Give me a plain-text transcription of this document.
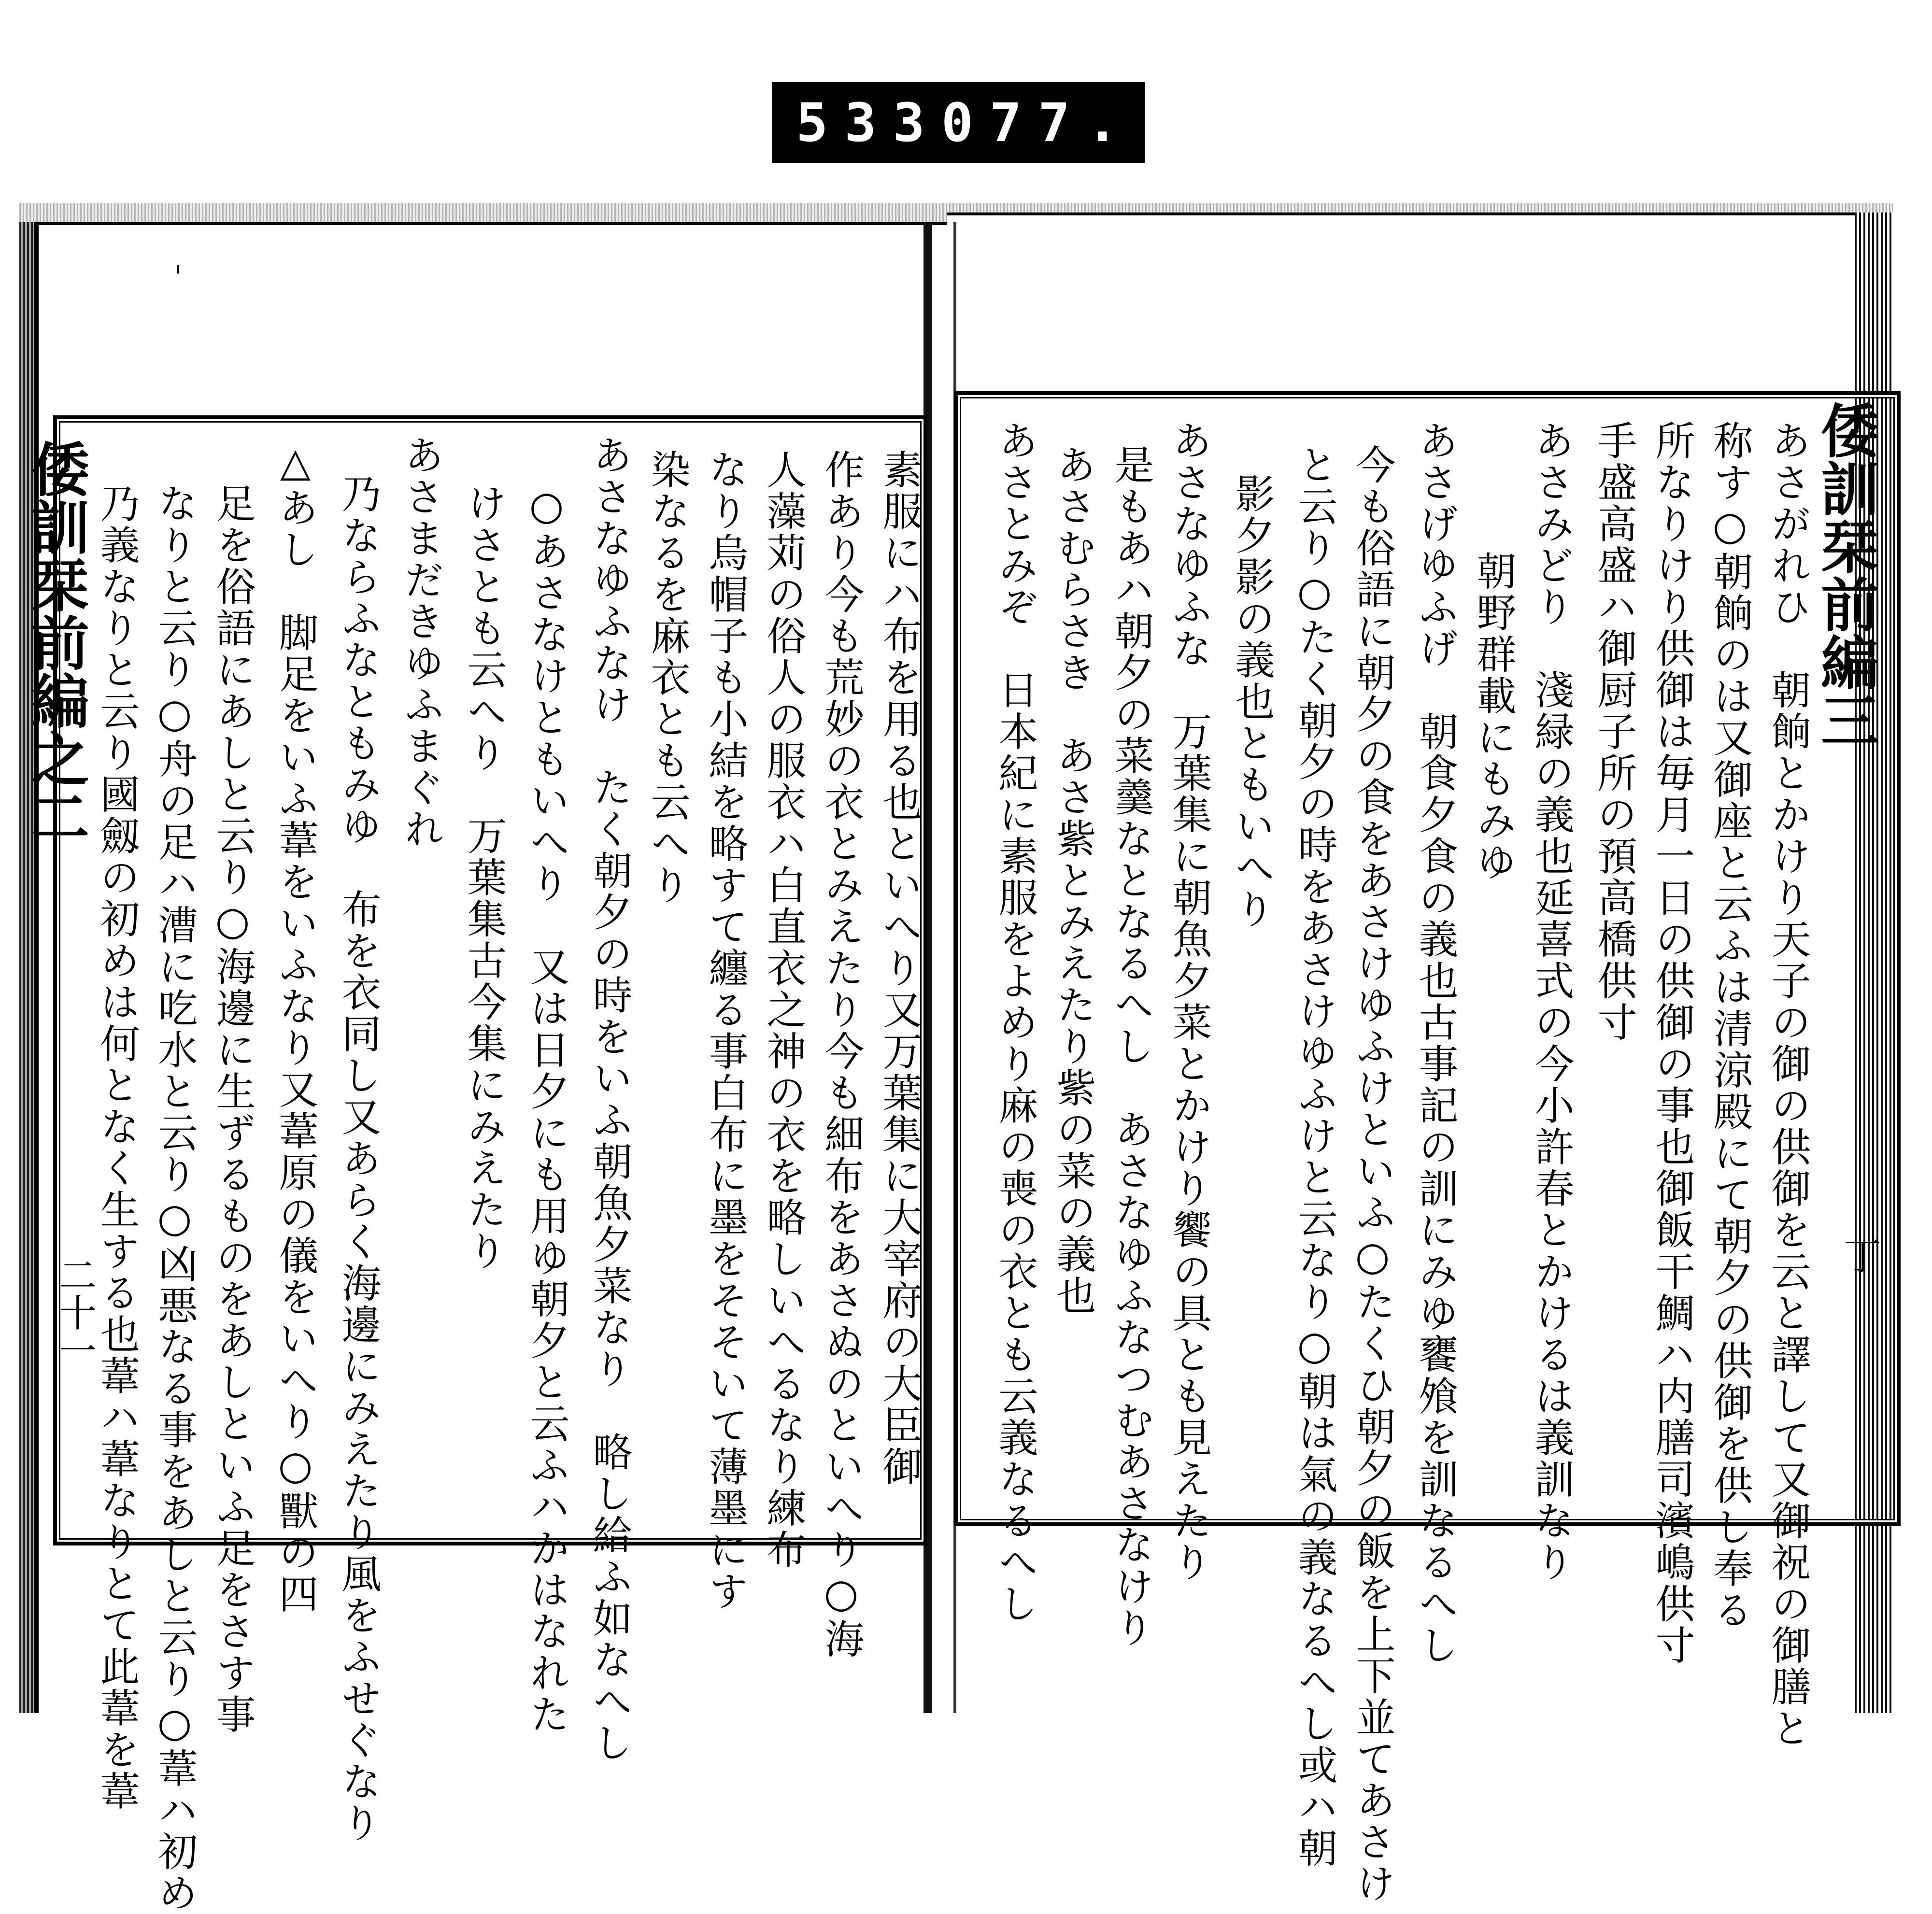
533 077.
倭訓栞前編之二
二十一	素服にハ布を用る也といへり又万葉集に大宰府の大臣御
作あり今も荒妙の衣とみえたり今も細布をあさぬのといへり○海
人藻苅の俗人の服衣ハ白直衣之神の衣を略しいへるなり練布
なり烏帽子も小結を略すて纏る事白布に墨をそそいて薄墨にす
染なるを麻衣とも云へり
あさなゆふなけ　たく朝夕の時をいふ朝魚夕菜なり　略し給ふ如なへし
○あさなけともいへり　又は日夕にも用ゆ朝夕と云ふハかはなれた
けさとも云へり　万葉集古今集にみえたり
あさまだきゆふまぐれ
乃ならふなともみゆ　布を衣同し又あらく海邊にみえたり風をふせぐなり
△あし　脚足をいふ葦をいふなり又葦原の儀をいへり○獸の四
足を俗語にあしと云り○海邊に生ずるものをあしといふ足をさす事
なりと云り○舟の足ハ漕に吃水と云り○凶悪なる事をあしと云り○葦ハ初め
乃義なりと云り國劔の初めは何となく生する也葦ハ葦なりとて此葦を葦	倭訓栞前編三
丁
あさがれひ　朝餉とかけり天子の御の供御を云と譯して又御祝の御膳と
称す○朝餉のは又御座と云ふは清涼殿にて朝夕の供御を供し奉る
所なりけり供御は毎月一日の供御の事也御飯干鯛ハ内膳司濱嶋供寸
手盛高盛ハ御厨子所の預高橋供寸
あさみどり　淺緑の義也延喜式の今小許春とかけるは義訓なり
朝野群載にもみゆ
あさげゆふげ　朝食夕食の義也古事記の訓にみゆ饔飧を訓なるへし
今も俗語に朝夕の食をあさけゆふけといふ○たくひ朝夕の飯を上下並てあさけ
と云り○たく朝夕の時をあさけゆふけと云なり○朝は氣の義なるへし或ハ朝
影夕影の義也ともいへり
あさなゆふな　万葉集に朝魚夕菜とかけり饗の具とも見えたり
是もあハ朝夕の菜羹なとなるへし　あさなゆふなつむあさなけり
あさむらさき　あさ紫とみえたり紫の菜の義也
あさとみぞ　日本紀に素服をよめり麻の喪の衣とも云義なるへし
ˈ
